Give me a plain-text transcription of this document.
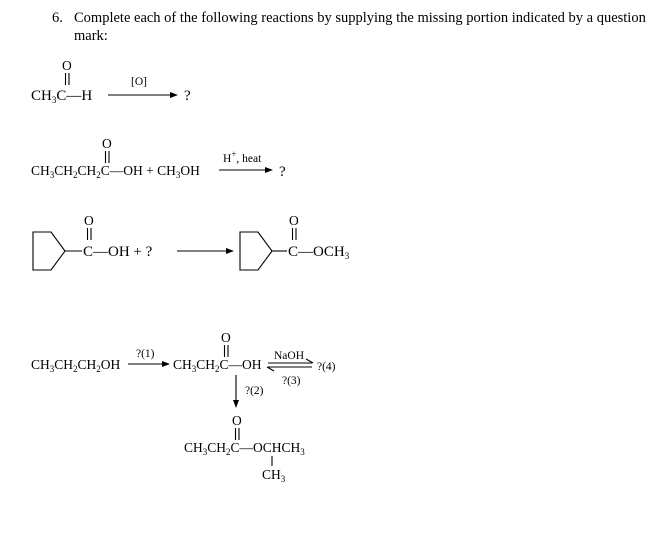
6. Complete each of the following reactions by supplying the missing portion indicated by a question
mark:
O
$CH_3C—H$
[O]
?
O
$CH_3CH_2CH_2C—OH + CH_3OH$
H+, heat
?
O
C—OH + ?
O
$C—OCH_3$
$CH_3CH_2CH_2OH$
?(1)
O
$CH_3CH_2C—OH$
NaOH
?(3)
?(4)
?(2)
O
$CH_3CH_2C—OCHCH_3$
$CH_3$
